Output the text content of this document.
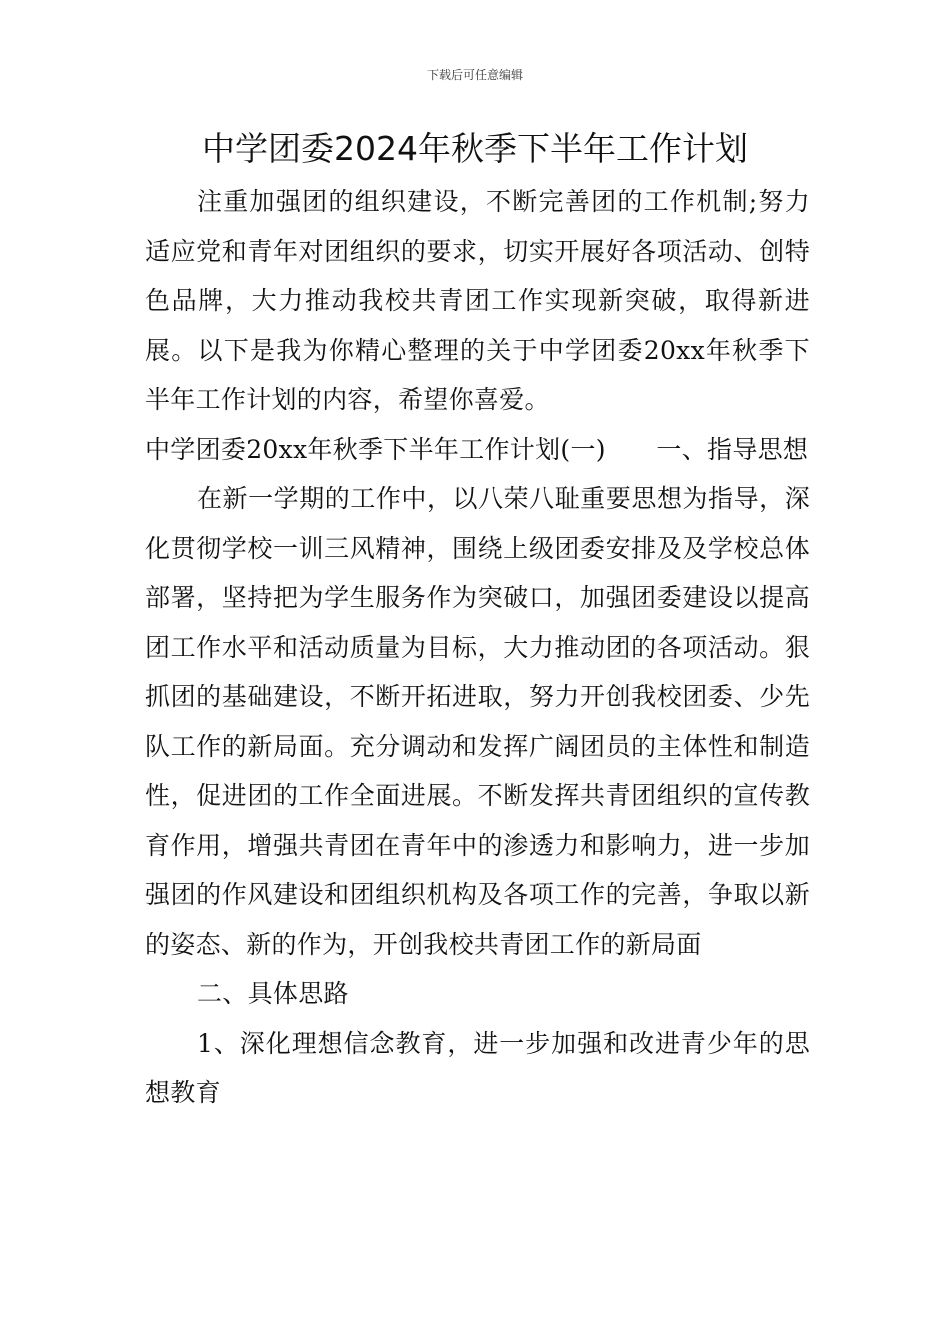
下载后可任意编辑
中学团委2024年秋季下半年工作计划

注重加强团的组织建设，不断完善团的工作机制;努力适应党和青年对团组织的要求，切实开展好各项活动、创特色品牌，大力推动我校共青团工作实现新突破，取得新进展。以下是我为你精心整理的关于中学团委20xx年秋季下半年工作计划的内容，希望你喜爱。

中学团委20xx年秋季下半年工作计划(一)　　一、指导思想

在新一学期的工作中，以八荣八耻重要思想为指导，深化贯彻学校一训三风精神，围绕上级团委安排及及学校总体部署，坚持把为学生服务作为突破口，加强团委建设以提高团工作水平和活动质量为目标，大力推动团的各项活动。狠抓团的基础建设，不断开拓进取，努力开创我校团委、少先队工作的新局面。充分调动和发挥广阔团员的主体性和制造性，促进团的工作全面进展。不断发挥共青团组织的宣传教育作用，增强共青团在青年中的渗透力和影响力，进一步加强团的作风建设和团组织机构及各项工作的完善，争取以新的姿态、新的作为，开创我校共青团工作的新局面

二、具体思路

1、深化理想信念教育，进一步加强和改进青少年的思想教育
